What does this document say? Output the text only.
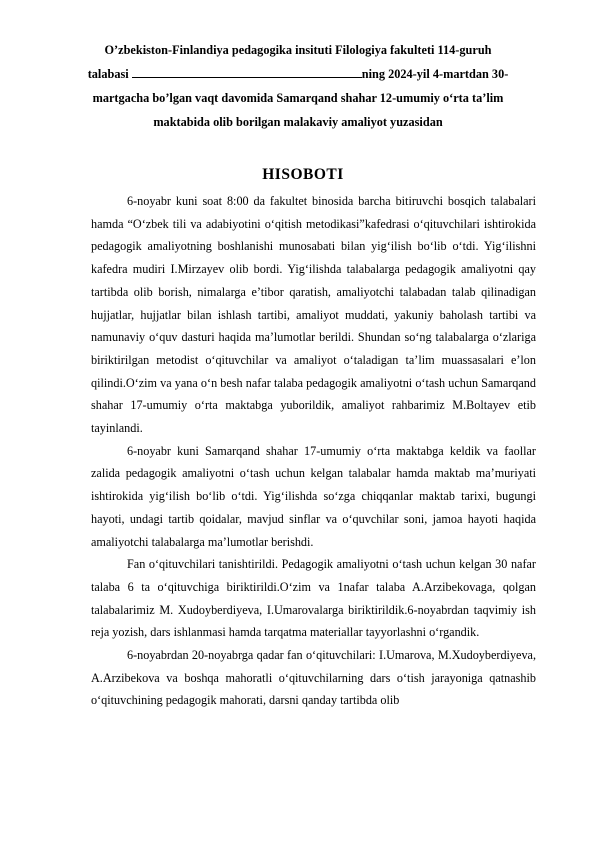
O’zbekiston-Finlandiya pedagogika insituti Filologiya fakulteti 114-guruh
talabasi	ning 2024-yil 4-martdan 30-
martgacha bo’lgan vaqt davomida Samarqand shahar 12-umumiy o‘rta ta’lim
maktabida olib borilgan malakaviy amaliyot yuzasidan
HISOBOTI

6-noyabr kuni soat 8:00 da fakultet binosida barcha bitiruvchi bosqich talabalari hamda “O‘zbek tili va adabiyotini o‘qitish metodikasi”kafedrasi o‘qituvchilari ishtirokida pedagogik amaliyotning boshlanishi munosabati bilan yig‘ilish bo‘lib o‘tdi. Yig‘ilishni kafedra mudiri I.Mirzayev olib bordi. Yig‘ilishda talabalarga pedagogik amaliyotni qay tartibda olib borish, nimalarga e’tibor qaratish, amaliyotchi talabadan talab qilinadigan hujjatlar, hujjatlar bilan ishlash tartibi, amaliyot muddati, yakuniy baholash tartibi va namunaviy o‘quv dasturi haqida ma’lumotlar berildi. Shundan so‘ng talabalarga o‘zlariga biriktirilgan metodist o‘qituvchilar va amaliyot o‘taladigan ta’lim muassasalari e’lon qilindi.O‘zim va yana o‘n besh nafar talaba pedagogik amaliyotni o‘tash uchun Samarqand shahar 17-umumiy o‘rta maktabga yuborildik, amaliyot rahbarimiz M.Boltayev etib tayinlandi.

6-noyabr kuni Samarqand shahar 17-umumiy o‘rta maktabga keldik va faollar zalida pedagogik amaliyotni o‘tash uchun kelgan talabalar hamda maktab ma’muriyati ishtirokida yig‘ilish bo‘lib o‘tdi. Yig‘ilishda so‘zga chiqqanlar maktab tarixi, bugungi hayoti, undagi tartib qoidalar, mavjud sinflar va o‘quvchilar soni, jamoa hayoti haqida amaliyotchi talabalarga ma’lumotlar berishdi.

Fan o‘qituvchilari tanishtirildi. Pedagogik amaliyotni o‘tash uchun kelgan 30 nafar talaba 6 ta o‘qituvchiga biriktirildi.O‘zim va 1nafar talaba A.Arzibekovaga, qolgan talabalarimiz M. Xudoyberdiyeva, I.Umarovalarga biriktirildik.6-noyabrdan taqvimiy ish reja yozish, dars ishlanmasi hamda tarqatma materiallar tayyorlashni o‘rgandik.

6-noyabrdan 20-noyabrga qadar fan o‘qituvchilari: I.Umarova, M.Xudoyberdiyeva, A.Arzibekova va boshqa mahoratli o‘qituvchilarning dars o‘tish jarayoniga qatnashib o‘qituvchining pedagogik mahorati, darsni qanday tartibda olib
